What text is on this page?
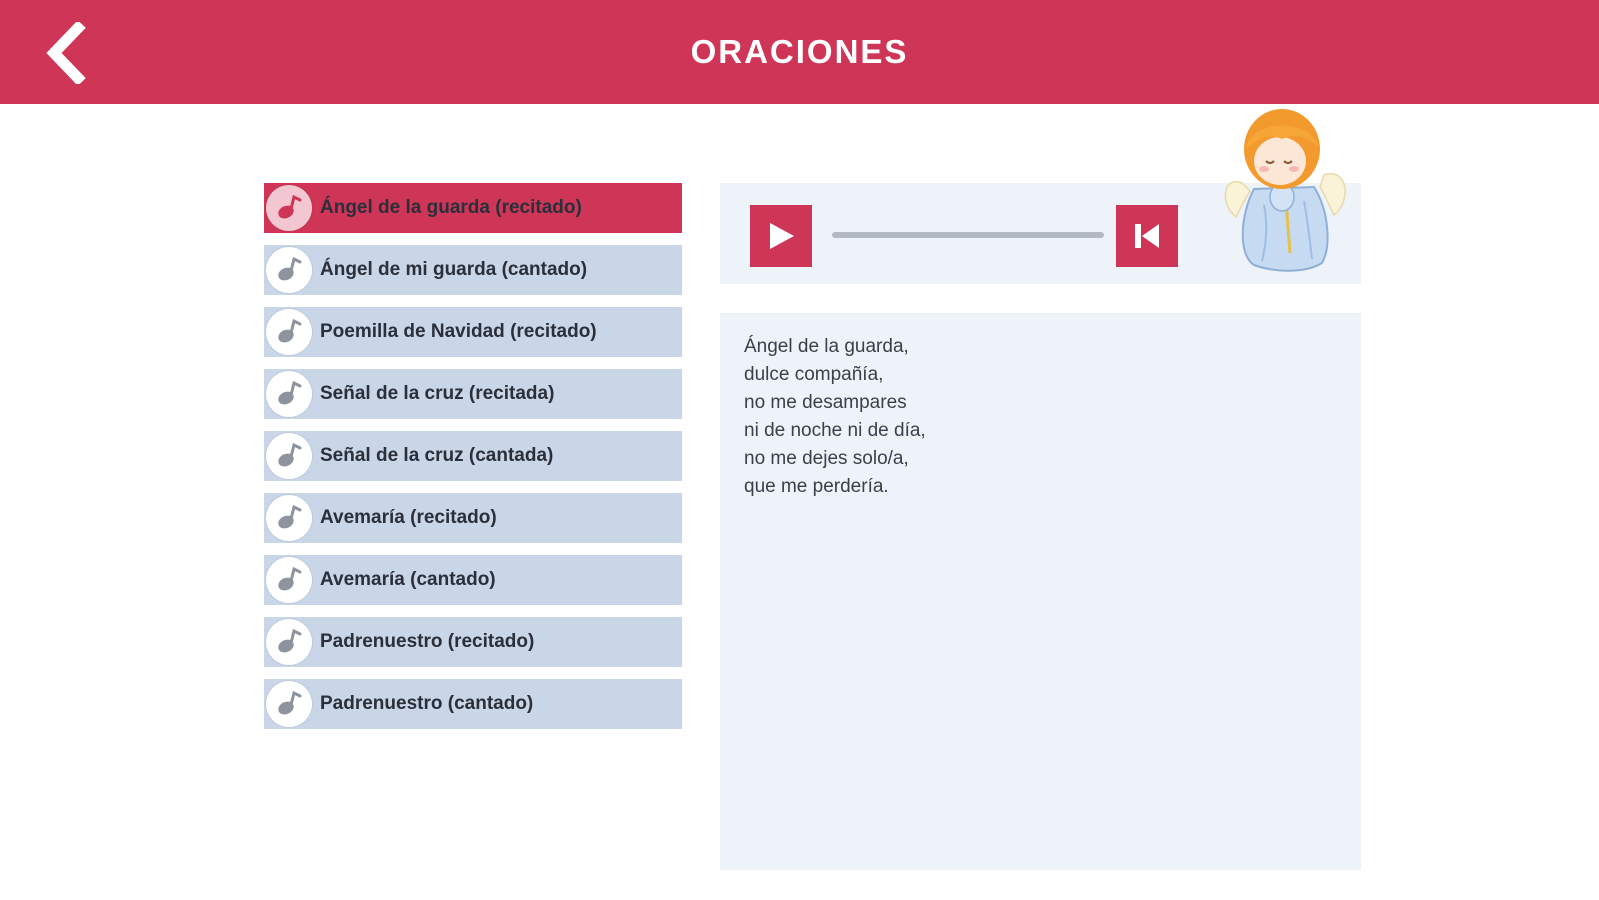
ORACIONES
Ángel de la guarda (recitado)
Ángel de mi guarda (cantado)
Poemilla de Navidad (recitado)
Señal de la cruz (recitada)
Señal de la cruz (cantada)
Avemaría (recitado)
Avemaría (cantado)
Padrenuestro (recitado)
Padrenuestro (cantado)
Ángel de la guarda,
dulce compañía,
no me desampares
ni de noche ni de día,
no me dejes solo/a,
que me perdería.
